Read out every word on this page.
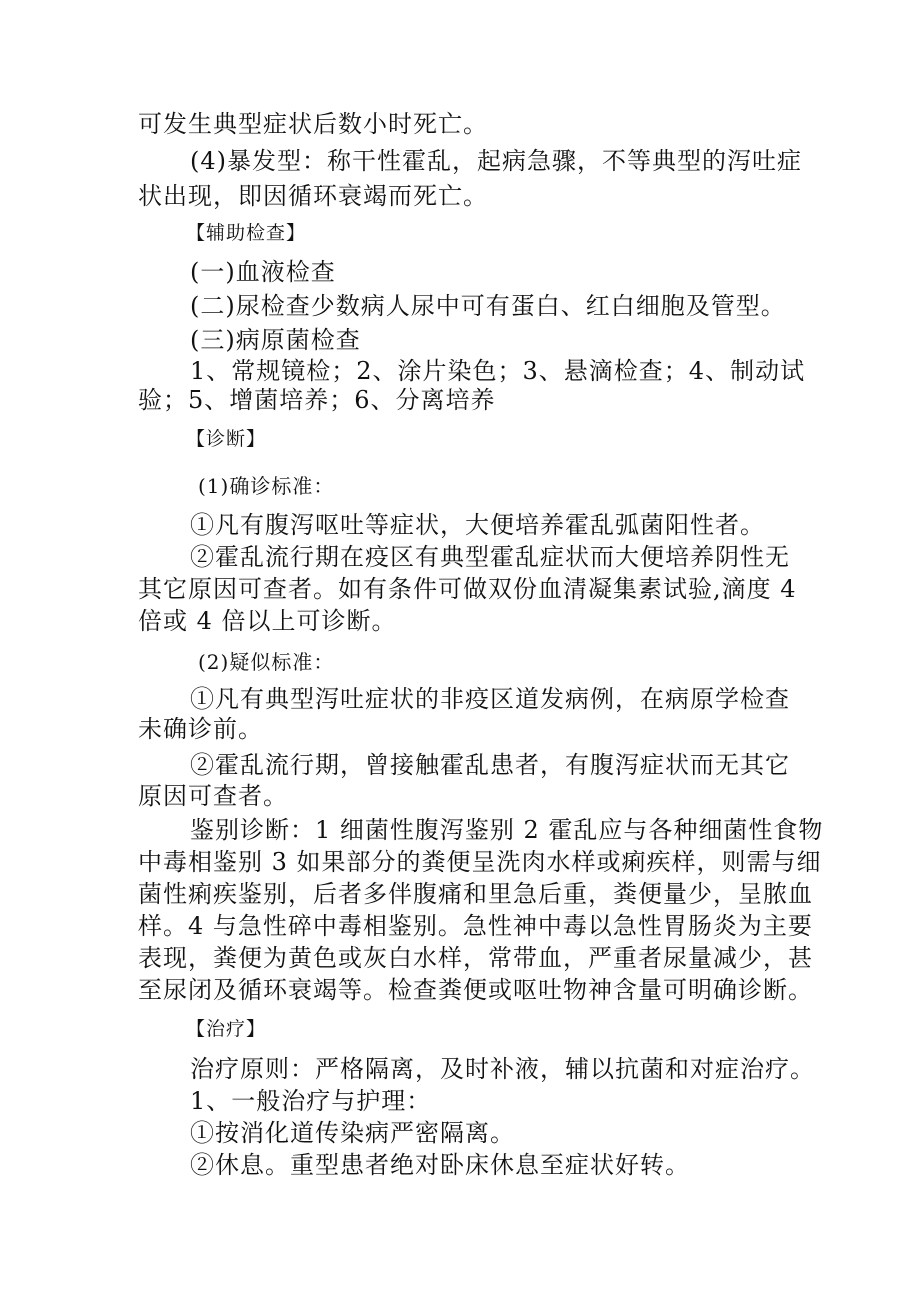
可发生典型症状后数小时死亡。
(4)暴发型：称干性霍乱，起病急骤，不等典型的泻吐症
状出现，即因循环衰竭而死亡。
【辅助检查】
(一)血液检查
(二)尿检查少数病人尿中可有蛋白、红白细胞及管型。
(三)病原菌检查
1、常规镜检；2、涂片染色；3、悬滴检查；4、制动试
验；5、增菌培养；6、分离培养
【诊断】
(1)确诊标准：
①凡有腹泻呕吐等症状，大便培养霍乱弧菌阳性者。
②霍乱流行期在疫区有典型霍乱症状而大便培养阴性无
其它原因可查者。如有条件可做双份血清凝集素试验,滴度 4
倍或 4 倍以上可诊断。
(2)疑似标准：
①凡有典型泻吐症状的非疫区道发病例，在病原学检查
未确诊前。
②霍乱流行期，曾接触霍乱患者，有腹泻症状而无其它
原因可查者。
鉴别诊断：1 细菌性腹泻鉴别 2 霍乱应与各种细菌性食物
中毒相鉴别 3 如果部分的粪便呈洗肉水样或痢疾样，则需与细
菌性痢疾鉴别，后者多伴腹痛和里急后重，粪便量少，呈脓血
样。4 与急性碎中毒相鉴别。急性神中毒以急性胃肠炎为主要
表现，粪便为黄色或灰白水样，常带血，严重者尿量减少，甚
至尿闭及循环衰竭等。检查粪便或呕吐物神含量可明确诊断。
【治疗】
治疗原则：严格隔离，及时补液，辅以抗菌和对症治疗。
1、一般治疗与护理：
①按消化道传染病严密隔离。
②休息。重型患者绝对卧床休息至症状好转。
